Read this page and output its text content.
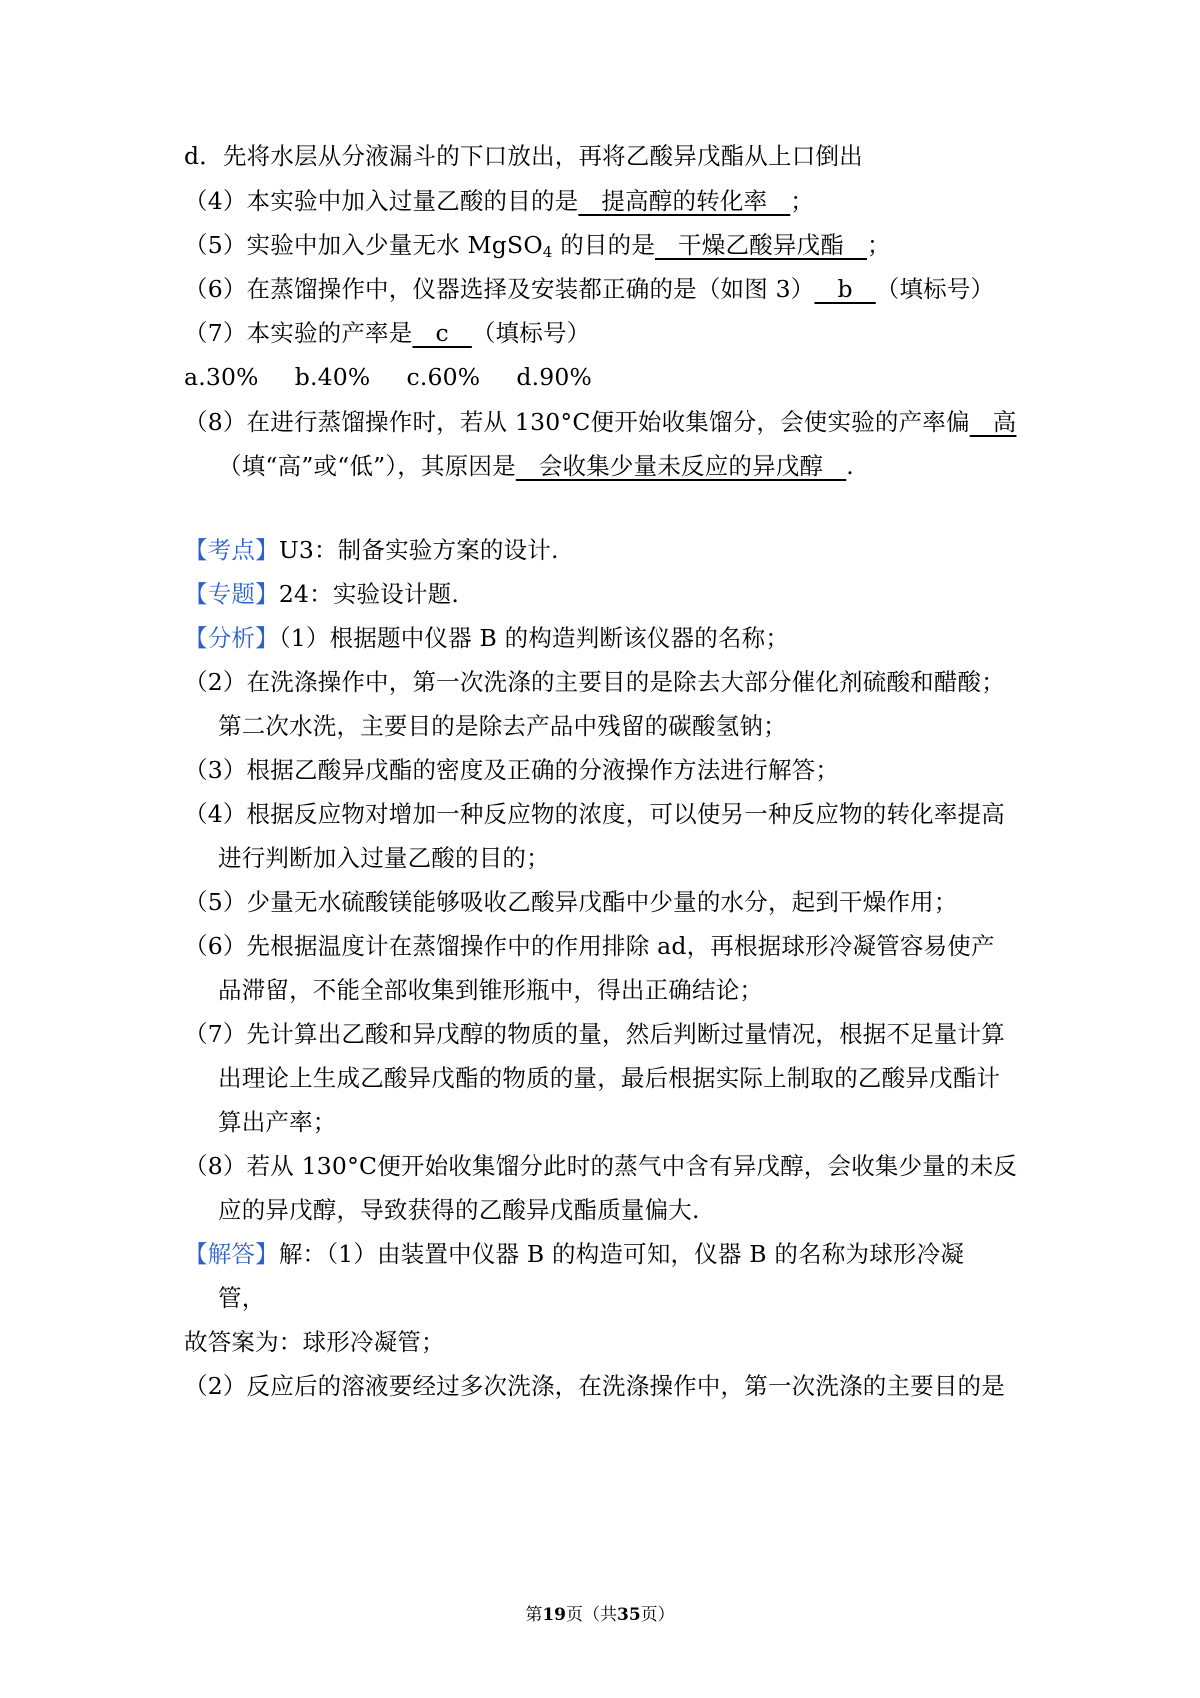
d．先将水层从分液漏斗的下口放出，再将乙酸异戊酯从上口倒出
（4）本实验中加入过量乙酸的目的是   提高醇的转化率   ；
（5）实验中加入少量无水 MgSO$_4$ 的目的是   干燥乙酸异戊酯   ；
（6）在蒸馏操作中，仪器选择及安装都正确的是（如图 3）   b   （填标号）
（7）本实验的产率是   c   （填标号）
a.30% b.40% c.60% d.90%
（8）在进行蒸馏操作时，若从 130°C便开始收集馏分，会使实验的产率偏   高
（填“高”或“低”），其原因是   会收集少量未反应的异戊醇   .
【考点】U3：制备实验方案的设计.
【专题】24：实验设计题.
【分析】（1）根据题中仪器 B 的构造判断该仪器的名称；
（2）在洗涤操作中，第一次洗涤的主要目的是除去大部分催化剂硫酸和醋酸；
第二次水洗，主要目的是除去产品中残留的碳酸氢钠；
（3）根据乙酸异戊酯的密度及正确的分液操作方法进行解答；
（4）根据反应物对增加一种反应物的浓度，可以使另一种反应物的转化率提高
进行判断加入过量乙酸的目的；
（5）少量无水硫酸镁能够吸收乙酸异戊酯中少量的水分，起到干燥作用；
（6）先根据温度计在蒸馏操作中的作用排除 ad，再根据球形冷凝管容易使产
品滞留，不能全部收集到锥形瓶中，得出正确结论；
（7）先计算出乙酸和异戊醇的物质的量，然后判断过量情况，根据不足量计算
出理论上生成乙酸异戊酯的物质的量，最后根据实际上制取的乙酸异戊酯计
算出产率；
（8）若从 130°C便开始收集馏分此时的蒸气中含有异戊醇，会收集少量的未反
应的异戊醇，导致获得的乙酸异戊酯质量偏大.
【解答】解：（1）由装置中仪器 B 的构造可知，仪器 B 的名称为球形冷凝
管，
故答案为：球形冷凝管；
（2）反应后的溶液要经过多次洗涤，在洗涤操作中，第一次洗涤的主要目的是
第19页（共35页）
